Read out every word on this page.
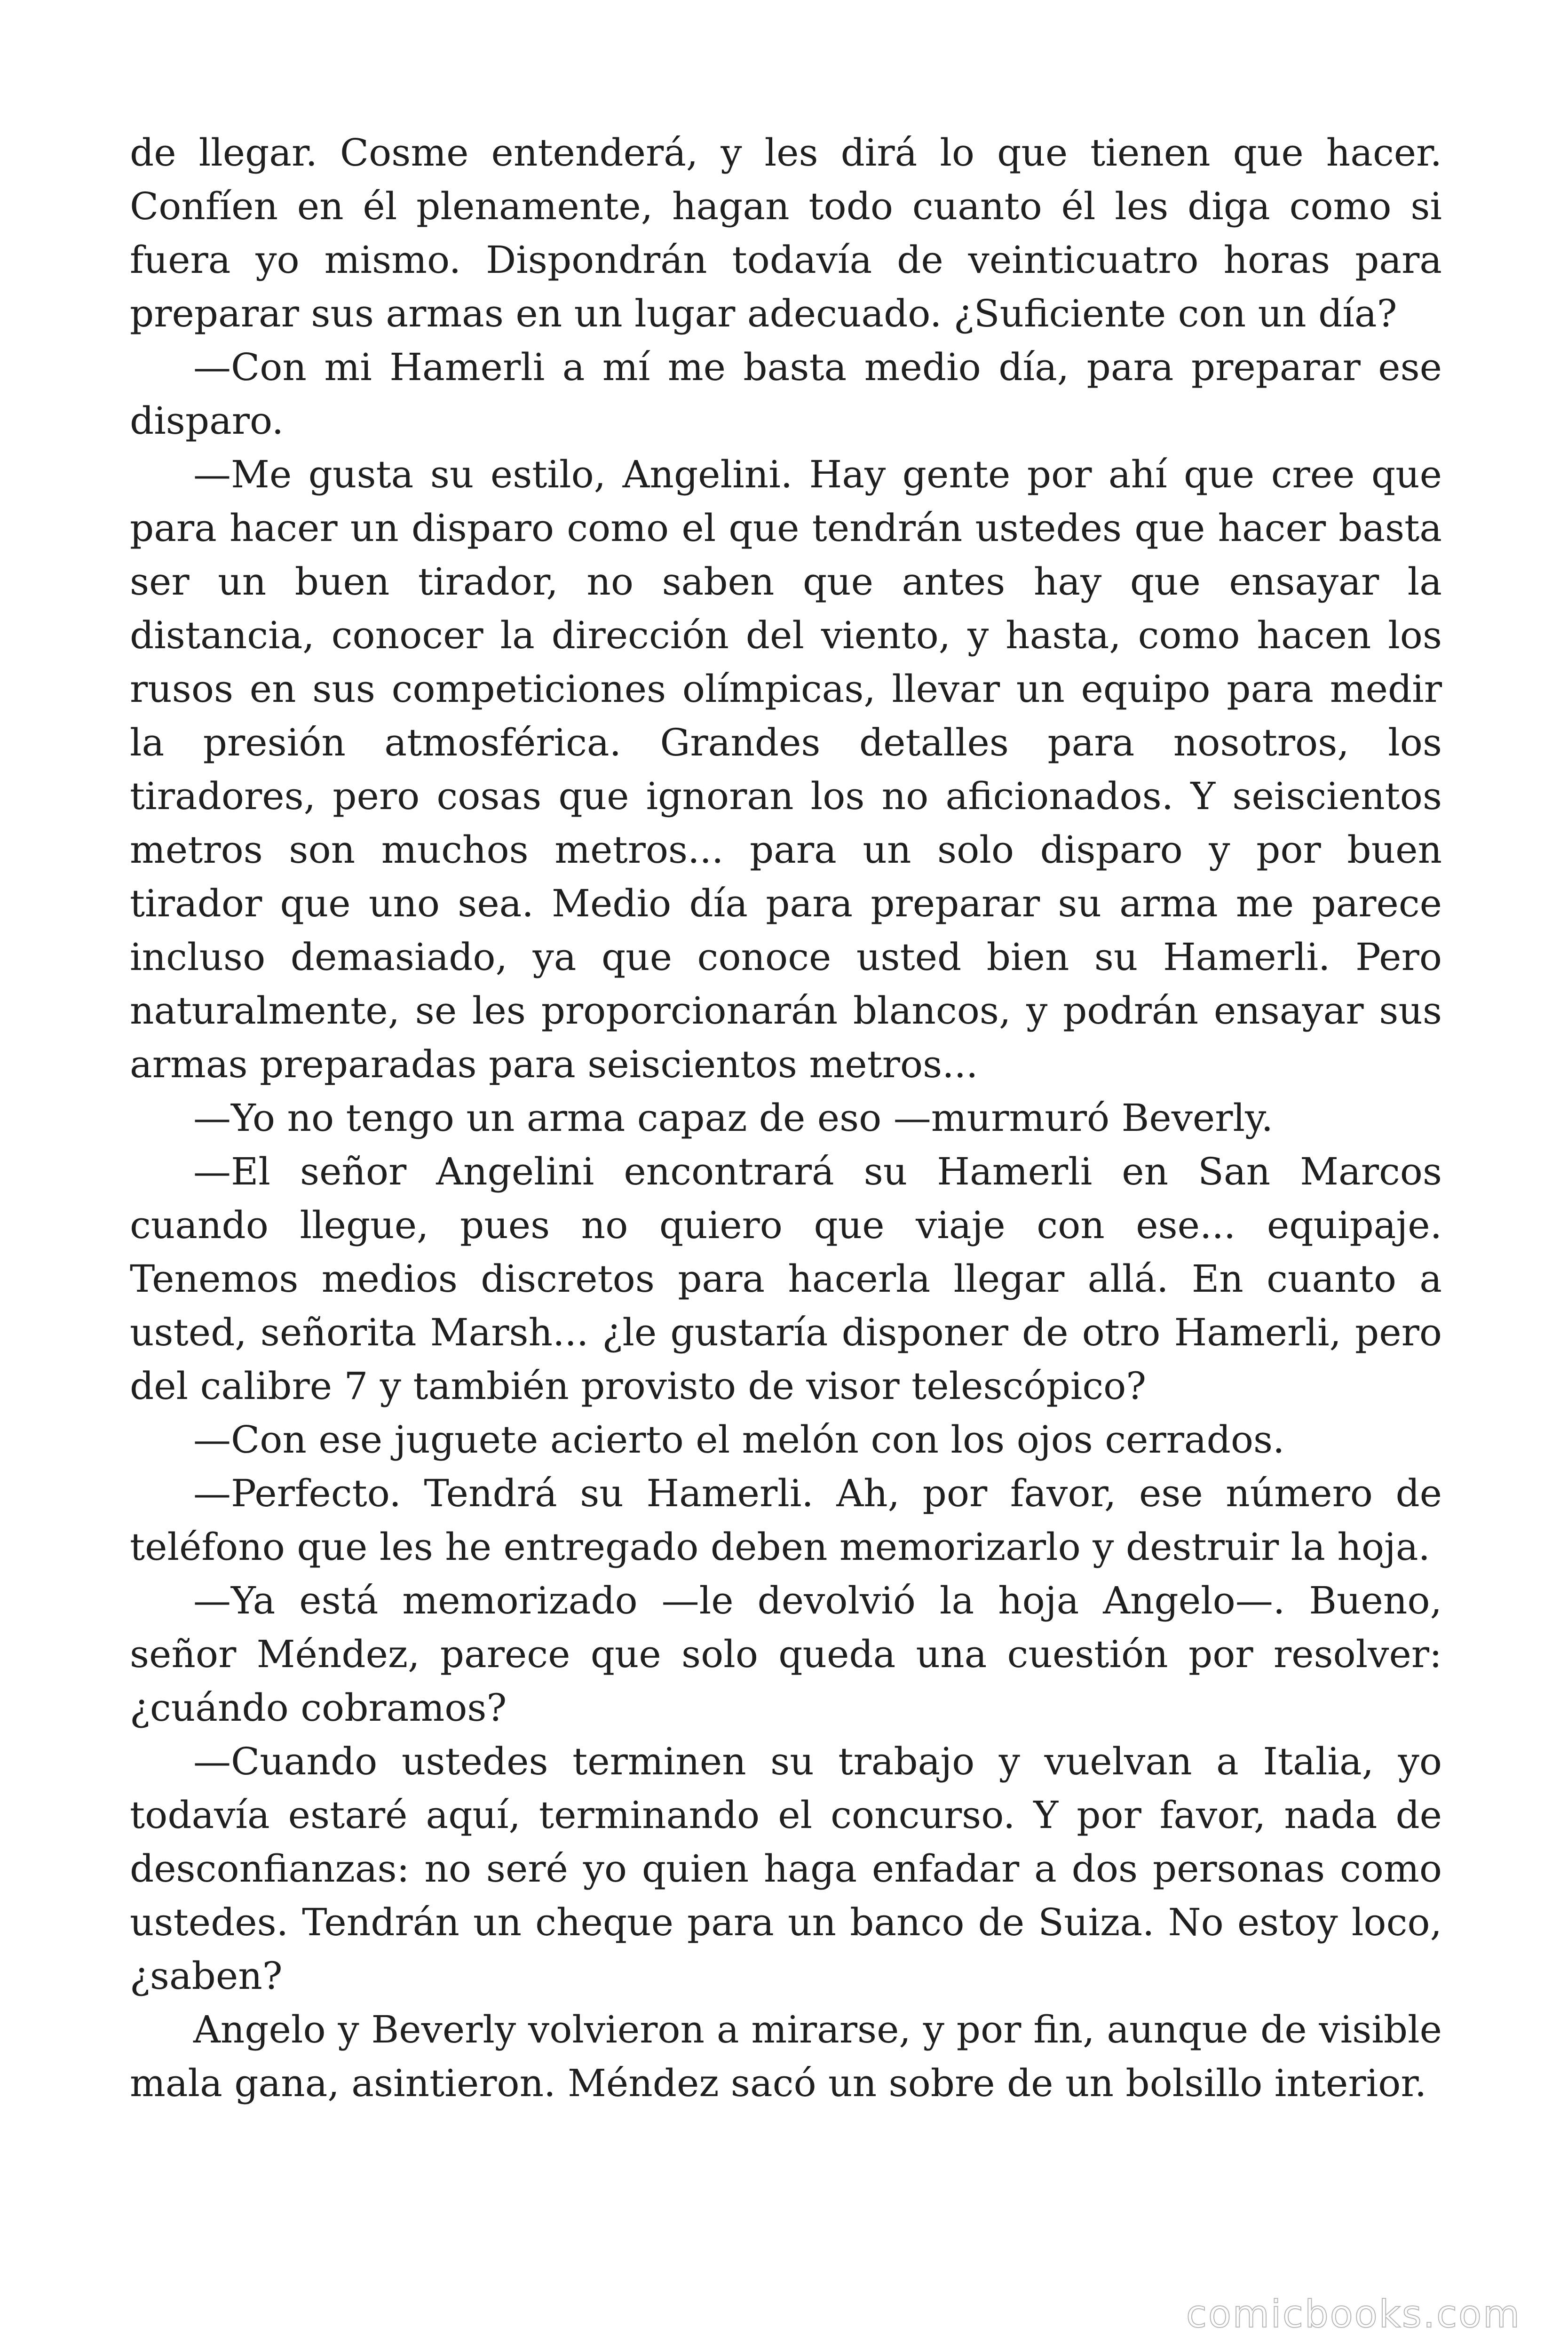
de llegar. Cosme entenderá, y les dirá lo que tienen que hacer. Confíen en él plenamente, hagan todo cuanto él les diga como si fuera yo mismo. Dispondrán todavía de veinticuatro horas para preparar sus armas en un lugar adecuado. ¿Suficiente con un día?

—Con mi Hamerli a mí me basta medio día, para preparar ese disparo.

—Me gusta su estilo, Angelini. Hay gente por ahí que cree que para hacer un disparo como el que tendrán ustedes que hacer basta ser un buen tirador, no saben que antes hay que ensayar la distancia, conocer la dirección del viento, y hasta, como hacen los rusos en sus competiciones olímpicas, llevar un equipo para medir la presión atmosférica. Grandes detalles para nosotros, los tiradores, pero cosas que ignoran los no aficionados. Y seiscientos metros son muchos metros... para un solo disparo y por buen tirador que uno sea. Medio día para preparar su arma me parece incluso demasiado, ya que conoce usted bien su Hamerli. Pero naturalmente, se les proporcionarán blancos, y podrán ensayar sus armas preparadas para seiscientos metros...

—Yo no tengo un arma capaz de eso —murmuró Beverly.

—El señor Angelini encontrará su Hamerli en San Marcos cuando llegue, pues no quiero que viaje con ese... equipaje. Tenemos medios discretos para hacerla llegar allá. En cuanto a usted, señorita Marsh... ¿le gustaría disponer de otro Hamerli, pero del calibre 7 y también provisto de visor telescópico?

—Con ese juguete acierto el melón con los ojos cerrados.

—Perfecto. Tendrá su Hamerli. Ah, por favor, ese número de teléfono que les he entregado deben memorizarlo y destruir la hoja.

—Ya está memorizado —le devolvió la hoja Angelo—. Bueno, señor Méndez, parece que solo queda una cuestión por resolver: ¿cuándo cobramos?

—Cuando ustedes terminen su trabajo y vuelvan a Italia, yo todavía estaré aquí, terminando el concurso. Y por favor, nada de desconfianzas: no seré yo quien haga enfadar a dos personas como ustedes. Tendrán un cheque para un banco de Suiza. No estoy loco, ¿saben?

Angelo y Beverly volvieron a mirarse, y por fin, aunque de visible mala gana, asintieron. Méndez sacó un sobre de un bolsillo interior.

comicbooks.com
